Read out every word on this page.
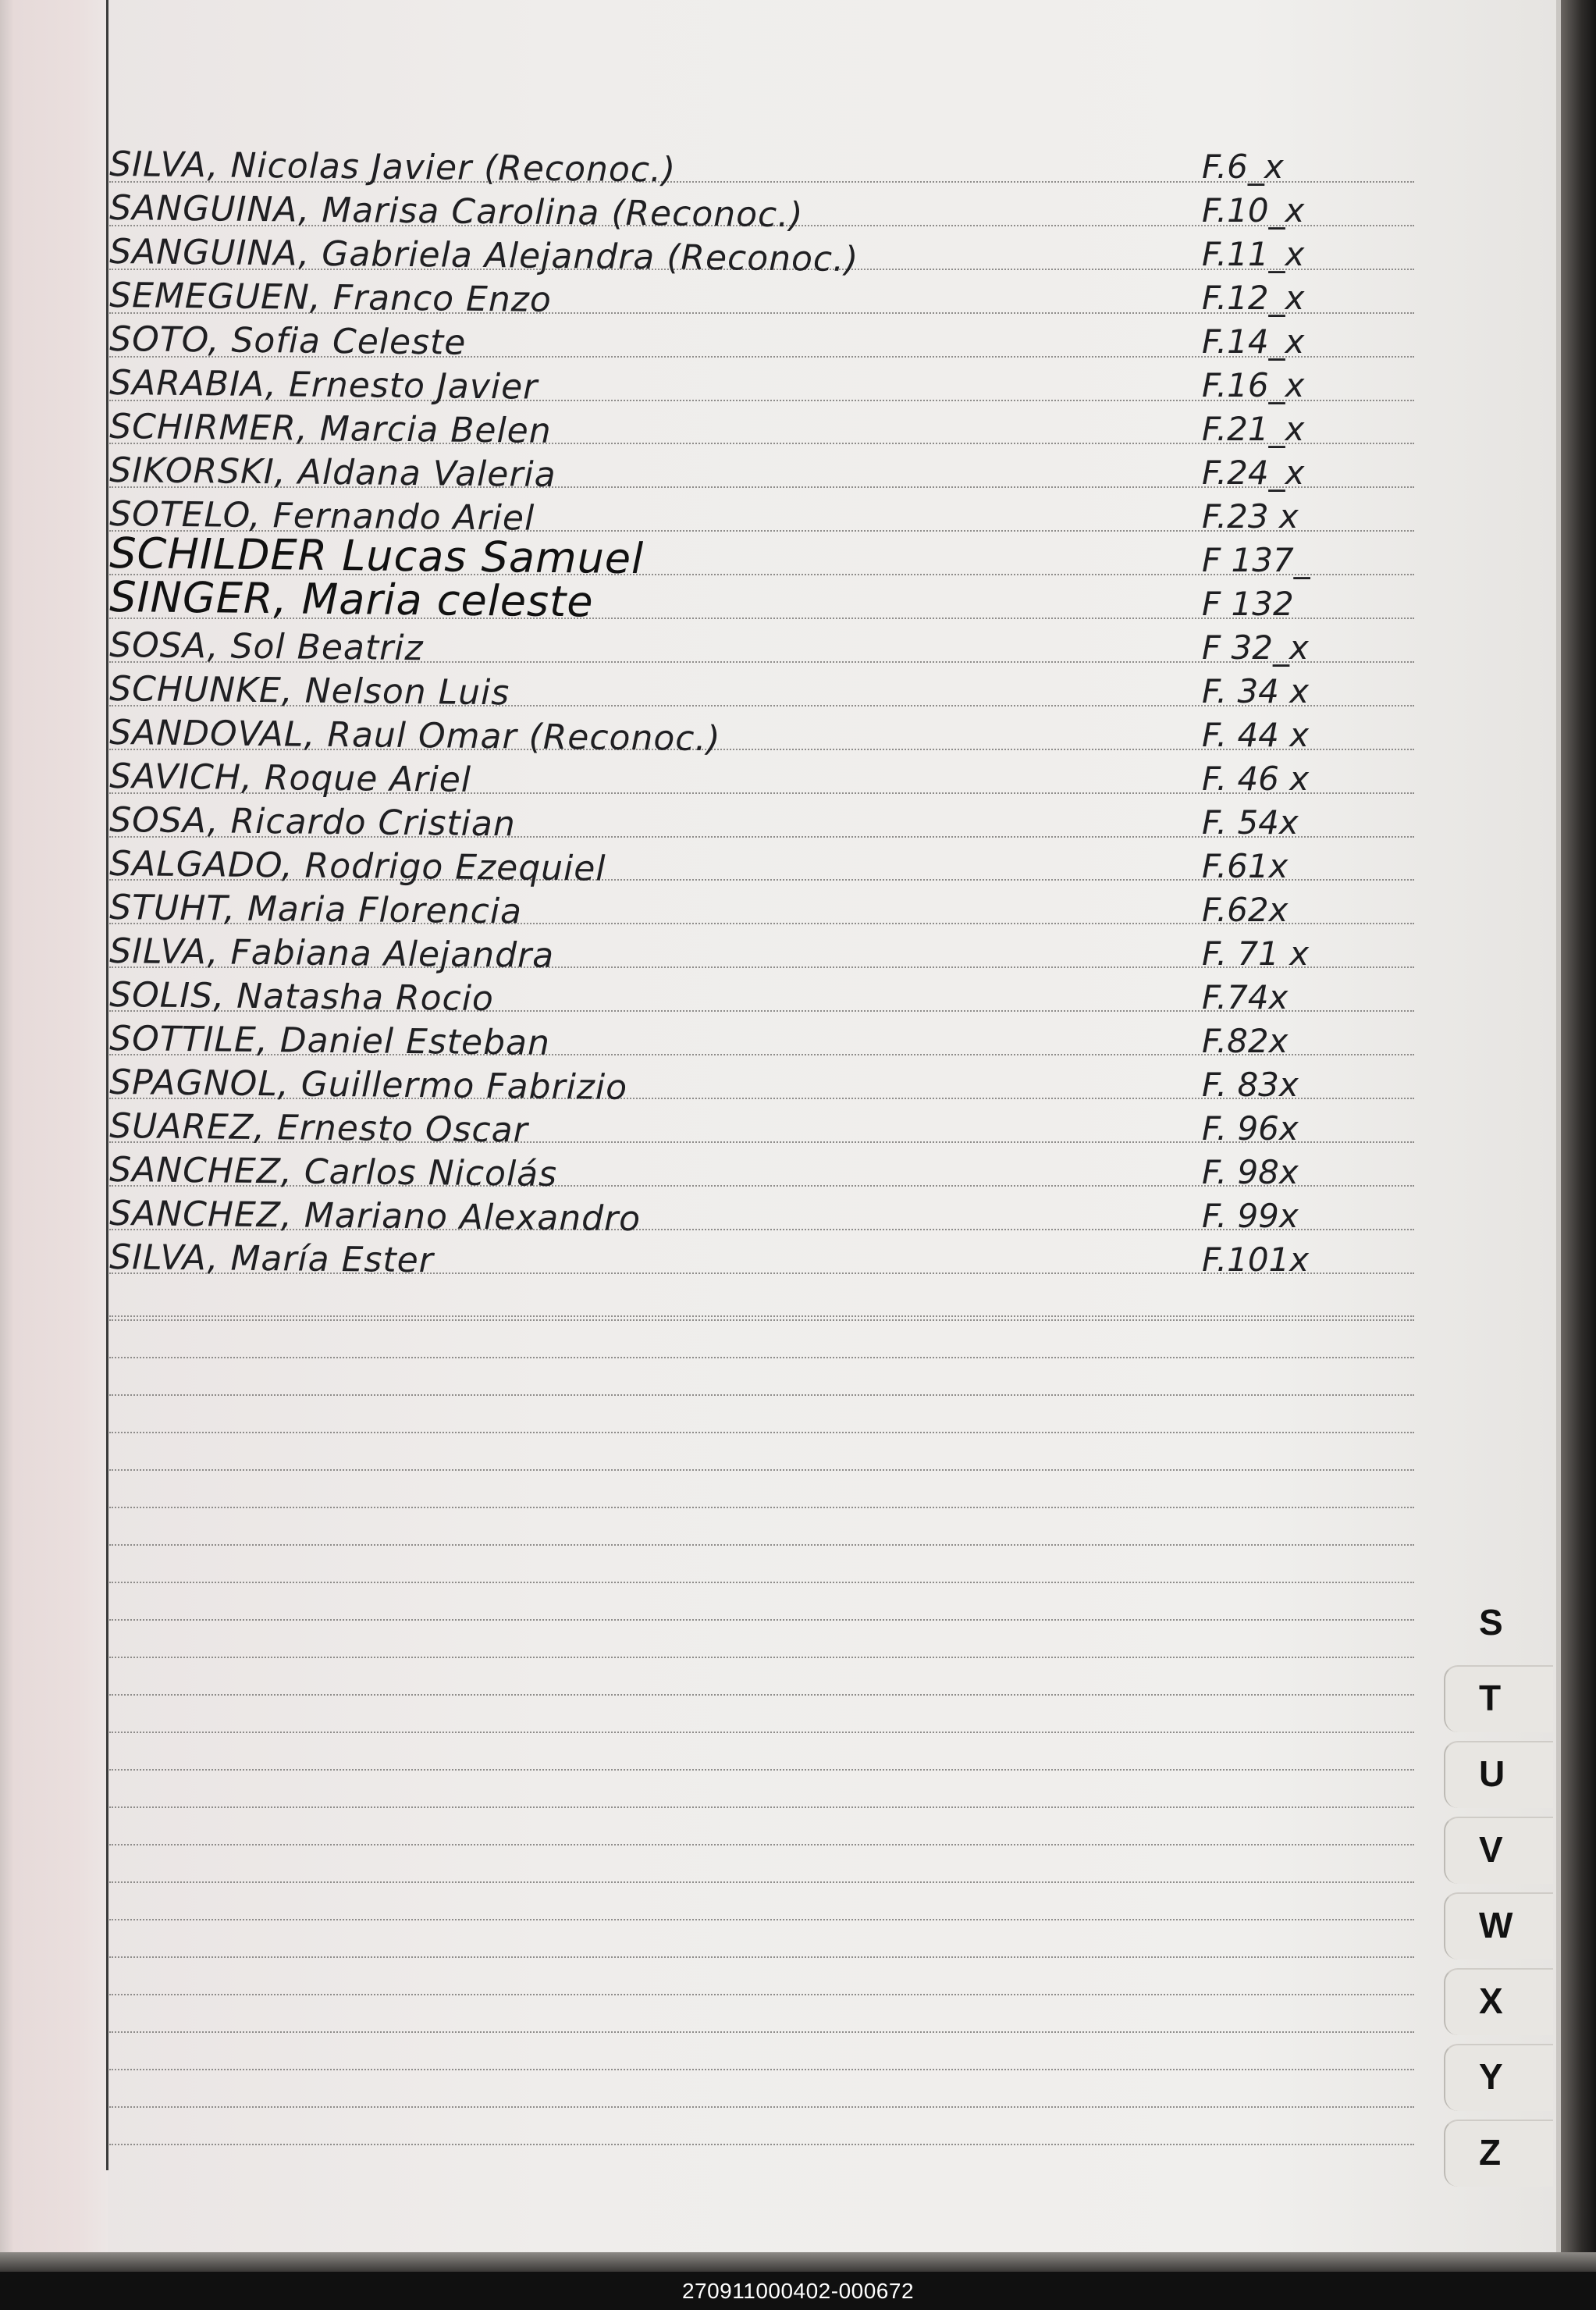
SILVA, Nicolas Javier (Reconoc.)	F.6_x
SANGUINA, Marisa Carolina (Reconoc.)	F.10_x
SANGUINA, Gabriela Alejandra (Reconoc.)	F.11_x
SEMEGUEN, Franco Enzo	F.12_x
SOTO, Sofia Celeste	F.14_x
SARABIA, Ernesto Javier	F.16_x
SCHIRMER, Marcia Belen	F.21_x
SIKORSKI, Aldana Valeria	F.24_x
SOTELO, Fernando Ariel	F.23 x
SCHILDER Lucas Samuel	F 137_
SINGER, Maria celeste	F 132
SOSA, Sol Beatriz	F 32_x
SCHUNKE, Nelson Luis	F. 34 x
SANDOVAL, Raul Omar (Reconoc.)	F. 44 x
SAVICH, Roque Ariel	F. 46 x
SOSA, Ricardo Cristian	F. 54x
SALGADO, Rodrigo Ezequiel	F.61x
STUHT, Maria Florencia	F.62x
SILVA, Fabiana Alejandra	F. 71 x
SOLIS, Natasha Rocio	F.74x
SOTTILE, Daniel Esteban	F.82x
SPAGNOL, Guillermo Fabrizio	F. 83x
SUAREZ, Ernesto Oscar	F. 96x
SANCHEZ, Carlos Nicolás	F. 98x
SANCHEZ, Mariano Alexandro	F. 99x
SILVA, María Ester	F.101x
S
T
U
V
W
X
Y
Z
270911000402-000672
